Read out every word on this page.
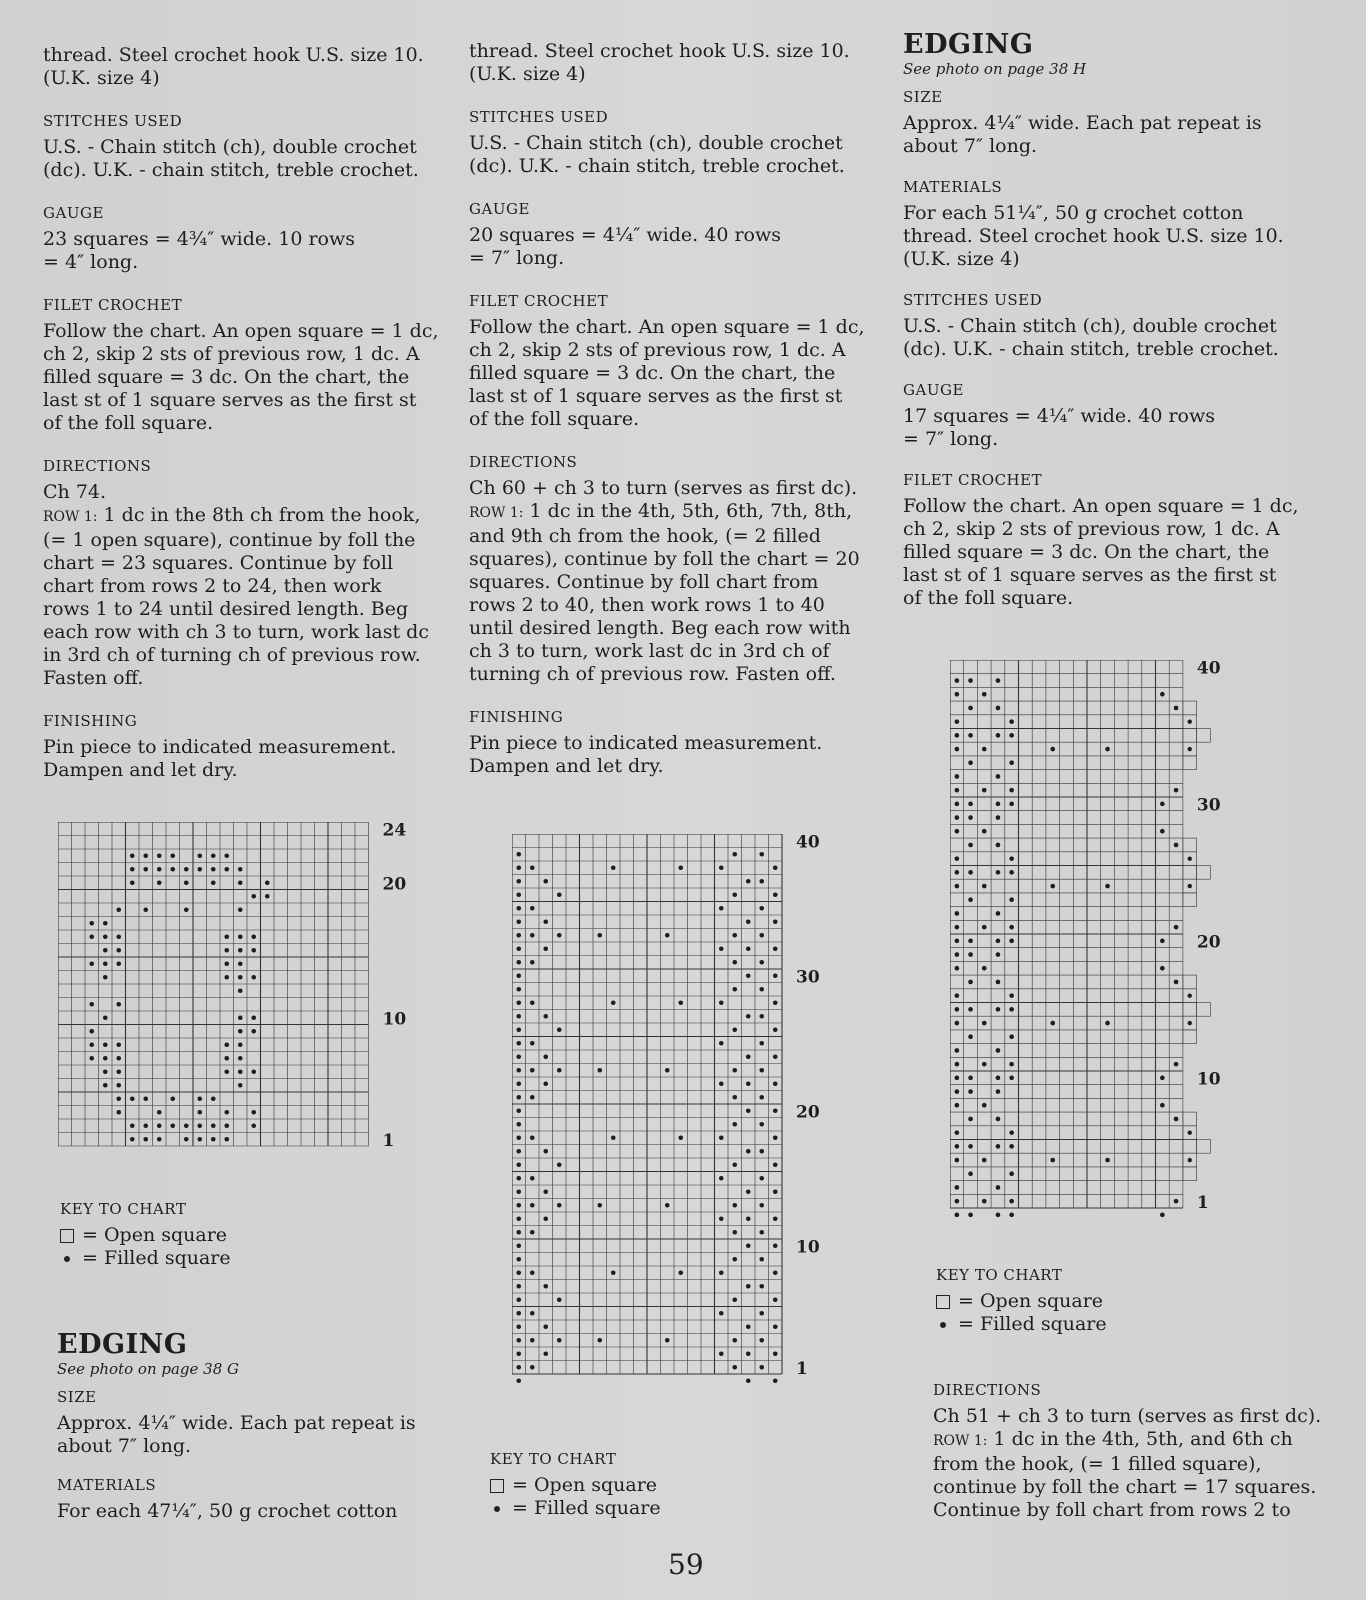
thread. Steel crochet hook U.S. size 10.

(U.K. size 4)

STITCHES USED

U.S. - Chain stitch (ch), double crochet

(dc). U.K. - chain stitch, treble crochet.

GAUGE

23 squares = 4¾″ wide. 10 rows

= 4″ long.

FILET CROCHET

Follow the chart. An open square = 1 dc,

ch 2, skip 2 sts of previous row, 1 dc. A

filled square = 3 dc. On the chart, the

last st of 1 square serves as the first st

of the foll square.

DIRECTIONS

Ch 74.

ROW 1: 1 dc in the 8th ch from the hook,

(= 1 open square), continue by foll the

chart = 23 squares. Continue by foll

chart from rows 2 to 24, then work

rows 1 to 24 until desired length. Beg

each row with ch 3 to turn, work last dc

in 3rd ch of turning ch of previous row.

Fasten off.

FINISHING

Pin piece to indicated measurement.

Dampen and let dry.

24
20
10
1

KEY TO CHART

= Open square
= Filled square

EDGING

See photo on page 38 G

SIZE

Approx. 4¼″ wide. Each pat repeat is

about 7″ long.

MATERIALS

For each 47¼″, 50 g crochet cotton

thread. Steel crochet hook U.S. size 10.

(U.K. size 4)

STITCHES USED

U.S. - Chain stitch (ch), double crochet

(dc). U.K. - chain stitch, treble crochet.

GAUGE

20 squares = 4¼″ wide. 40 rows

= 7″ long.

FILET CROCHET

Follow the chart. An open square = 1 dc,

ch 2, skip 2 sts of previous row, 1 dc. A

filled square = 3 dc. On the chart, the

last st of 1 square serves as the first st

of the foll square.

DIRECTIONS

Ch 60 + ch 3 to turn (serves as first dc).

ROW 1: 1 dc in the 4th, 5th, 6th, 7th, 8th,

and 9th ch from the hook, (= 2 filled

squares), continue by foll the chart = 20

squares. Continue by foll chart from

rows 2 to 40, then work rows 1 to 40

until desired length. Beg each row with

ch 3 to turn, work last dc in 3rd ch of

turning ch of previous row. Fasten off.

FINISHING

Pin piece to indicated measurement.

Dampen and let dry.

40
30
20
10
1

KEY TO CHART

= Open square
= Filled square

EDGING

See photo on page 38 H

SIZE

Approx. 4¼″ wide. Each pat repeat is

about 7″ long.

MATERIALS

For each 51¼″, 50 g crochet cotton

thread. Steel crochet hook U.S. size 10.

(U.K. size 4)

STITCHES USED

U.S. - Chain stitch (ch), double crochet

(dc). U.K. - chain stitch, treble crochet.

GAUGE

17 squares = 4¼″ wide. 40 rows

= 7″ long.

FILET CROCHET

Follow the chart. An open square = 1 dc,

ch 2, skip 2 sts of previous row, 1 dc. A

filled square = 3 dc. On the chart, the

last st of 1 square serves as the first st

of the foll square.

40
30
20
10
1

KEY TO CHART

= Open square
= Filled square

DIRECTIONS

Ch 51 + ch 3 to turn (serves as first dc).

ROW 1: 1 dc in the 4th, 5th, and 6th ch

from the hook, (= 1 filled square),

continue by foll the chart = 17 squares.

Continue by foll chart from rows 2 to

59
